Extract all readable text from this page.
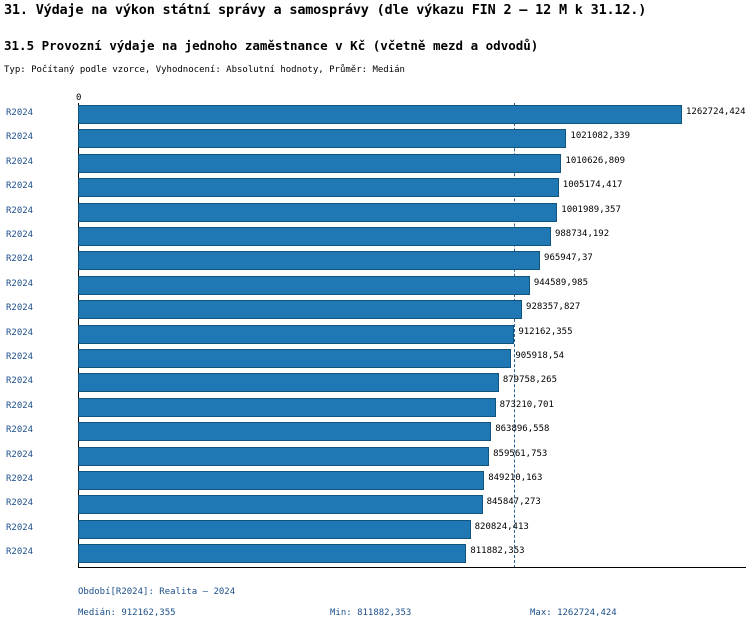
31. Výdaje na výkon státní správy a samosprávy (dle výkazu FIN 2 – 12 M k 31.12.)
31.5 Provozní výdaje na jednoho zaměstnance v Kč (včetně mezd a odvodů)
Typ: Počítaný podle vzorce, Vyhodnocení: Absolutní hodnoty, Průměr: Medián
0
R2024	1262724,424
R2024	1021082,339
R2024	1010626,809
R2024	1005174,417
R2024	1001989,357
R2024	988734,192
R2024	965947,37
R2024	944589,985
R2024	928357,827
R2024	912162,355
R2024	905918,54
R2024	879758,265
R2024	873210,701
R2024	863896,558
R2024	859561,753
R2024	849210,163
R2024	845847,273
R2024	820824,413
R2024	811882,353
Období[R2024]: Realita – 2024
Medián: 912162,355	Min: 811882,353	Max: 1262724,424
